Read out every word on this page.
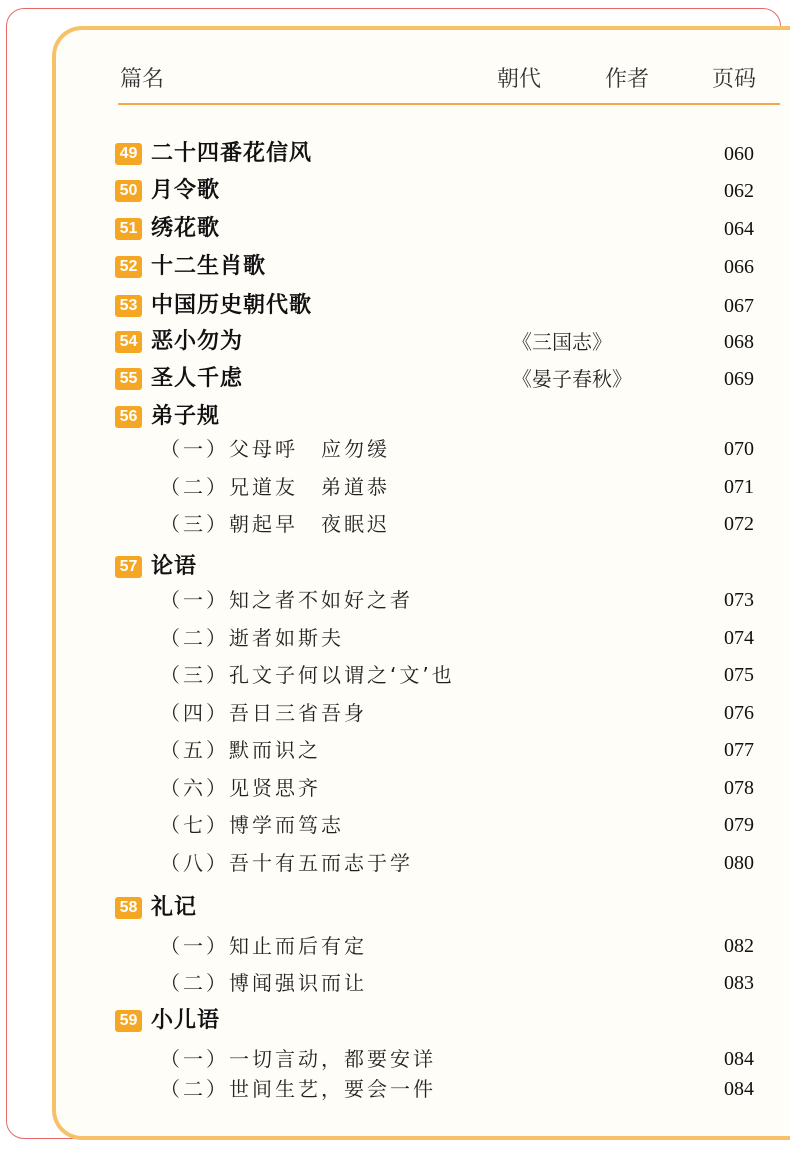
篇名	朝代	作者	页码
49 二十四番花信风	060
50 月令歌	062
51 绣花歌	064
52 十二生肖歌	066
53 中国历史朝代歌	067
54 恶小勿为	《三国志》	068
55 圣人千虑	《晏子春秋》	069
56 弟子规
（一）父母呼　应勿缓	070
（二）兄道友　弟道恭	071
（三）朝起早　夜眠迟	072
57 论语
（一）知之者不如好之者	073
（二）逝者如斯夫	074
（三）孔文子何以谓之‘文’也	075
（四）吾日三省吾身	076
（五）默而识之	077
（六）见贤思齐	078
（七）博学而笃志	079
（八）吾十有五而志于学	080
58 礼记
（一）知止而后有定	082
（二）博闻强识而让	083
59 小儿语
（一）一切言动，都要安详	084
（二）世间生艺，要会一件	084
